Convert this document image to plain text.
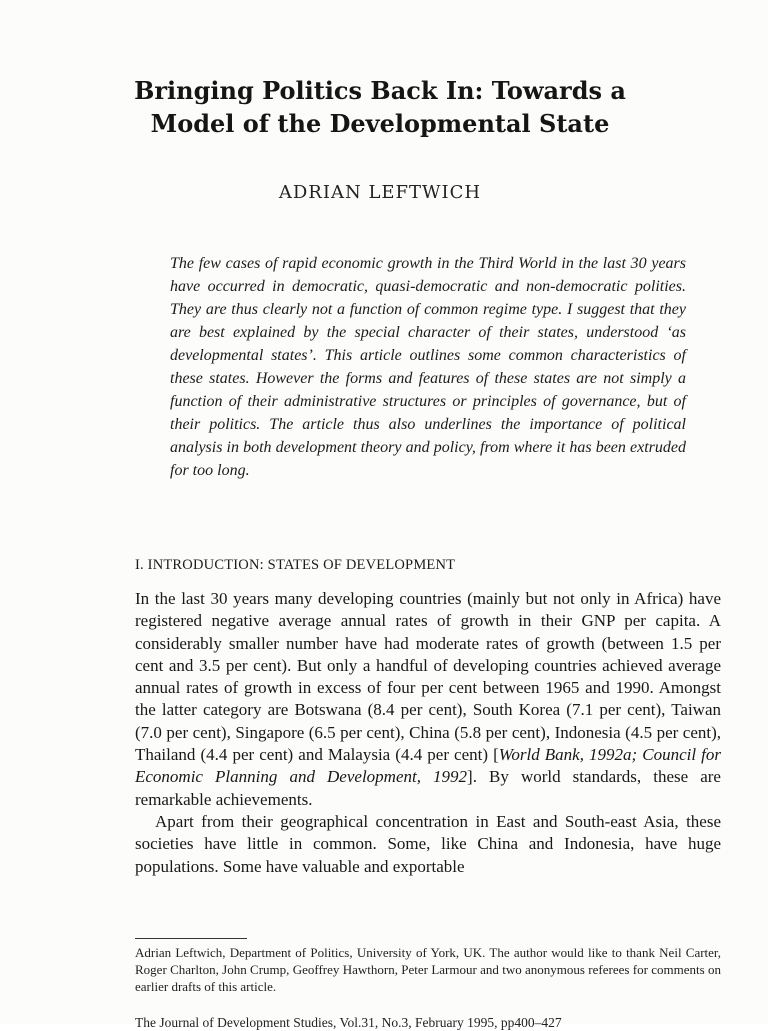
Bringing Politics Back In: Towards a Model of the Developmental State
ADRIAN LEFTWICH
The few cases of rapid economic growth in the Third World in the last 30 years have occurred in democratic, quasi-democratic and non-democratic polities. They are thus clearly not a function of common regime type. I suggest that they are best explained by the special character of their states, understood ‘as developmental states’. This article outlines some common characteristics of these states. However the forms and features of these states are not simply a function of their administrative structures or principles of governance, but of their politics. The article thus also underlines the importance of political analysis in both development theory and policy, from where it has been extruded for too long.
I. INTRODUCTION: STATES OF DEVELOPMENT

In the last 30 years many developing countries (mainly but not only in Africa) have registered negative average annual rates of growth in their GNP per capita. A considerably smaller number have had moderate rates of growth (between 1.5 per cent and 3.5 per cent). But only a handful of developing countries achieved average annual rates of growth in excess of four per cent between 1965 and 1990. Amongst the latter category are Botswana (8.4 per cent), South Korea (7.1 per cent), Taiwan (7.0 per cent), Singapore (6.5 per cent), China (5.8 per cent), Indonesia (4.5 per cent), Thailand (4.4 per cent) and Malaysia (4.4 per cent) [World Bank, 1992a; Council for Economic Planning and Development, 1992]. By world standards, these are remarkable achievements.

Apart from their geographical concentration in East and South-east Asia, these societies have little in common. Some, like China and Indonesia, have huge populations. Some have valuable and exportable

Adrian Leftwich, Department of Politics, University of York, UK. The author would like to thank Neil Carter, Roger Charlton, John Crump, Geoffrey Hawthorn, Peter Larmour and two anonymous referees for comments on earlier drafts of this article.
The Journal of Development Studies, Vol.31, No.3, February 1995, pp400–427
